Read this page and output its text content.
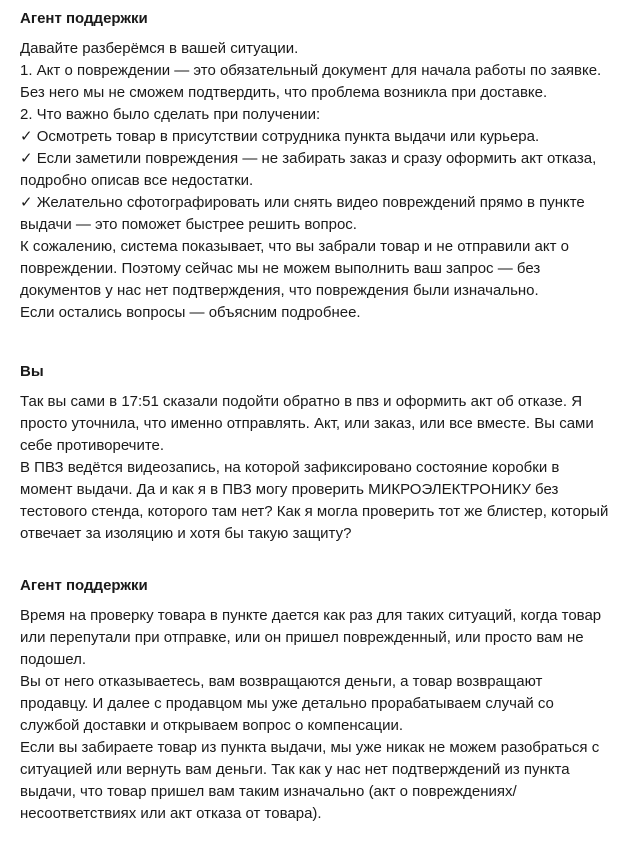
Агент поддержки

Давайте разберёмся в вашей ситуации.

1. Акт о повреждении — это обязательный документ для начала работы по заявке. Без него мы не сможем подтвердить, что проблема возникла при доставке.

2. Что важно было сделать при получении:

✓ Осмотреть товар в присутствии сотрудника пункта выдачи или курьера.

✓ Если заметили повреждения — не забирать заказ и сразу оформить акт отказа, подробно описав все недостатки.

✓ Желательно сфотографировать или снять видео повреждений прямо в пункте выдачи — это поможет быстрее решить вопрос.

К сожалению, система показывает, что вы забрали товар и не отправили акт о повреждении. Поэтому сейчас мы не можем выполнить ваш запрос — без документов у нас нет подтверждения, что повреждения были изначально.

Если остались вопросы — объясним подробнее.

Вы

Так вы сами в 17:51 сказали подойти обратно в пвз и оформить акт об отказе. Я просто уточнила, что именно отправлять. Акт, или заказ, или все вместе. Вы сами себе противоречите.

В ПВЗ ведётся видеозапись, на которой зафиксировано состояние коробки в момент выдачи. Да и как я в ПВЗ могу проверить МИКРОЭЛЕКТРОНИКУ без тестового стенда, которого там нет? Как я могла проверить тот же блистер, который отвечает за изоляцию и хотя бы такую защиту?

Агент поддержки

Время на проверку товара в пункте дается как раз для таких ситуаций, когда товар или перепутали при отправке, или он пришел поврежденный, или просто вам не подошел.

Вы от него отказываетесь, вам возвращаются деньги, а товар возвращают продавцу. И далее с продавцом мы уже детально прорабатываем случай со службой доставки и открываем вопрос о компенсации.

Если вы забираете товар из пункта выдачи, мы уже никак не можем разобраться с ситуацией или вернуть вам деньги. Так как у нас нет подтверждений из пункта выдачи, что товар пришел вам таким изначально (акт о повреждениях/несоответствиях или акт отказа от товара).
